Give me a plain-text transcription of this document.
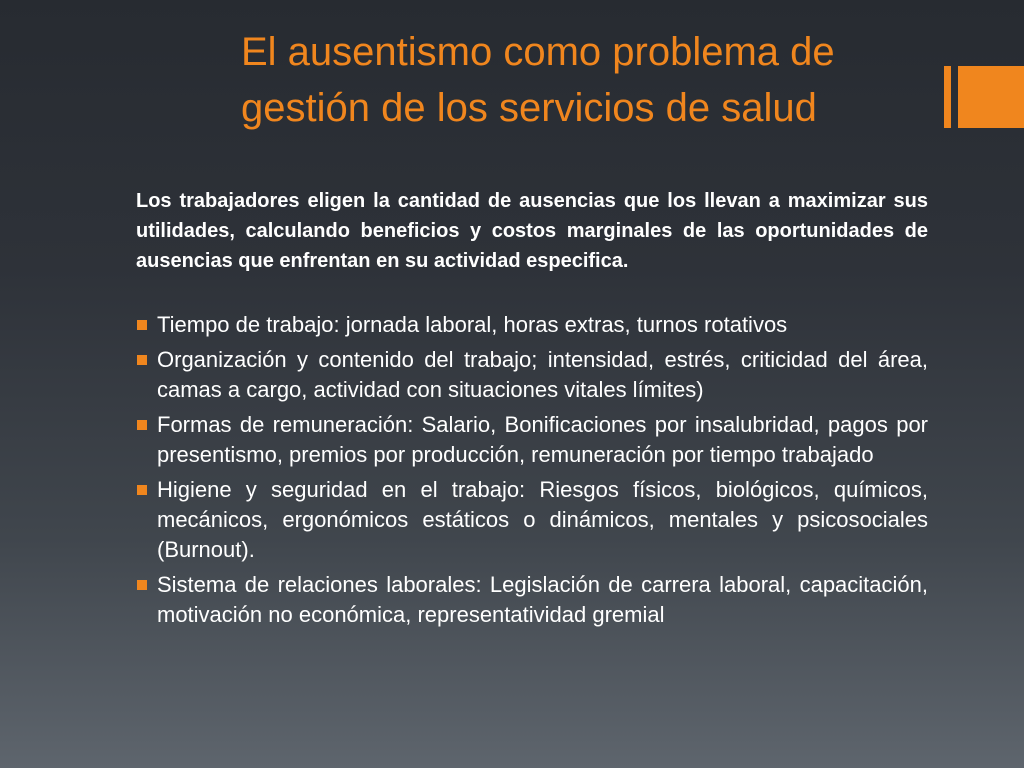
El ausentismo como problema de
gestión de los servicios de salud

Los trabajadores eligen la cantidad de ausencias que los llevan a maximizar sus utilidades, calculando beneficios y costos marginales de las oportunidades de ausencias que enfrentan en su actividad especifica.

Tiempo de trabajo: jornada laboral, horas extras, turnos rotativos
Organización y contenido del trabajo; intensidad, estrés, criticidad del área, camas a cargo, actividad con situaciones vitales límites)
Formas de remuneración: Salario, Bonificaciones por insalubridad, pagos por presentismo, premios por producción, remuneración por tiempo trabajado
Higiene y seguridad en el trabajo: Riesgos físicos, biológicos, químicos, mecánicos, ergonómicos estáticos o dinámicos, mentales y psicosociales (Burnout).
Sistema de relaciones laborales: Legislación de carrera laboral, capacitación, motivación no económica, representatividad gremial
